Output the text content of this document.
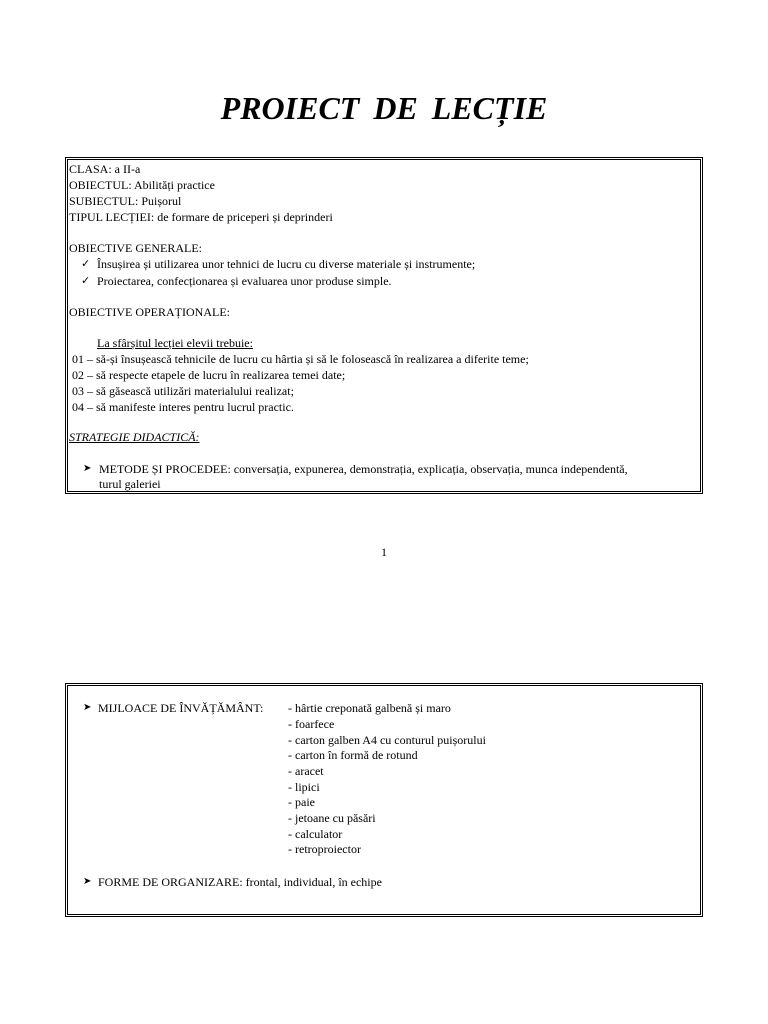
PROIECT DE LECȚIE
CLASA: a II-a
OBIECTUL: Abilități practice
SUBIECTUL: Puișorul
TIPUL LECȚIEI: de formare de priceperi și deprinderi
OBIECTIVE GENERALE:
✓ Însușirea și utilizarea unor tehnici de lucru cu diverse materiale și instrumente;
✓ Proiectarea, confecționarea și evaluarea unor produse simple.
OBIECTIVE OPERAȚIONALE:
La sfârșitul lecției elevii trebuie:
01 – să-și însușească tehnicile de lucru cu hârtia și să le folosească în realizarea a diferite teme;
02 – să respecte etapele de lucru în realizarea temei date;
03 – să găsească utilizări materialului realizat;
04 – să manifeste interes pentru lucrul practic.
STRATEGIE DIDACTICĂ:
➤ METODE ȘI PROCEDEE: conversația, expunerea, demonstrația, explicația, observația, munca independentă,
turul galeriei
1
➤ MIJLOACE DE ÎNVĂȚĂMÂNT: - hârtie creponată galbenă și maro
- foarfece
- carton galben A4 cu conturul puișorului
- carton în formă de rotund
- aracet
- lipici
- paie
- jetoane cu păsări
- calculator
- retroproiector
➤ FORME DE ORGANIZARE: frontal, individual, în echipe
